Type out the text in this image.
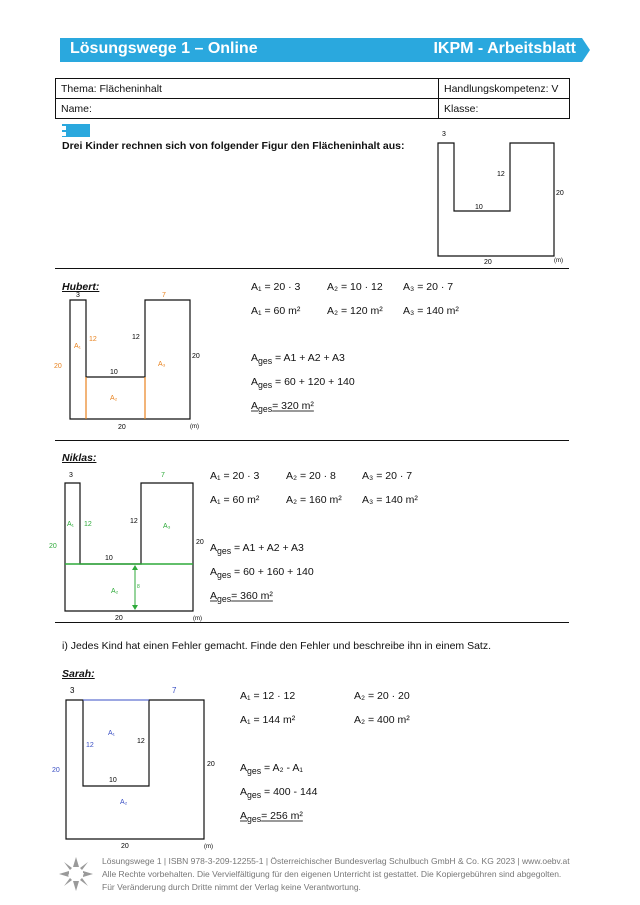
Lösungswege 1 – Online	IKPM - Arbeitsblatt
Thema: Flächeninhalt	Handlungskompetenz: V
Name:	Klasse:
Drei Kinder rechnen sich von folgender Figur den Flächeninhalt aus:
3
12
10
20
20	(m)
Hubert:
3	7
A₁
12	12
A₃
20
20
10
A₂
20	(m)
A₁ = 20 · 3	A₂ = 10 · 12 A₃ = 20 · 7
A₁ = 60 m²	A₂ = 120 m² A₃ = 140 m²
$A_{ges} = A1 + A2 + A3$
$A_{ges} = 60 + 120 + 140$
$A_{ges}= 320$ m²
Niklas:
3	7
A₁ 12	12
A₃
20
20
10
A₂
8
20	(m)
A₁ = 20 · 3	A₂ = 20 · 8 A₃ = 20 · 7
A₁ = 60 m²	A₂ = 160 m² A₃ = 140 m²
$A_{ges} = A1 + A2 + A3$
$A_{ges} = 60 + 160 + 140$
$A_{ges}= 360$ m²
i) Jedes Kind hat einen Fehler gemacht. Finde den Fehler und beschreibe ihn in einem Satz.
Sarah:
3	7
A₁
12
12
20
20
10
A₂
20	(m)
A₁ = 12 · 12	A₂ = 20 · 20
A₁ = 144 m²	A₂ = 400 m²
$A_{ges} = A_2 - A_1$
$A_{ges} = 400 - 144$
$A_{ges}= 256$ m²
öbv
Lösungswege 1 | ISBN 978-3-209-12255-1 | Österreichischer Bundesverlag Schulbuch GmbH & Co. KG 2023 | www.oebv.at
Alle Rechte vorbehalten. Die Vervielfältigung für den eigenen Unterricht ist gestattet. Die Kopiergebühren sind abgegolten.
Für Veränderung durch Dritte nimmt der Verlag keine Verantwortung.
